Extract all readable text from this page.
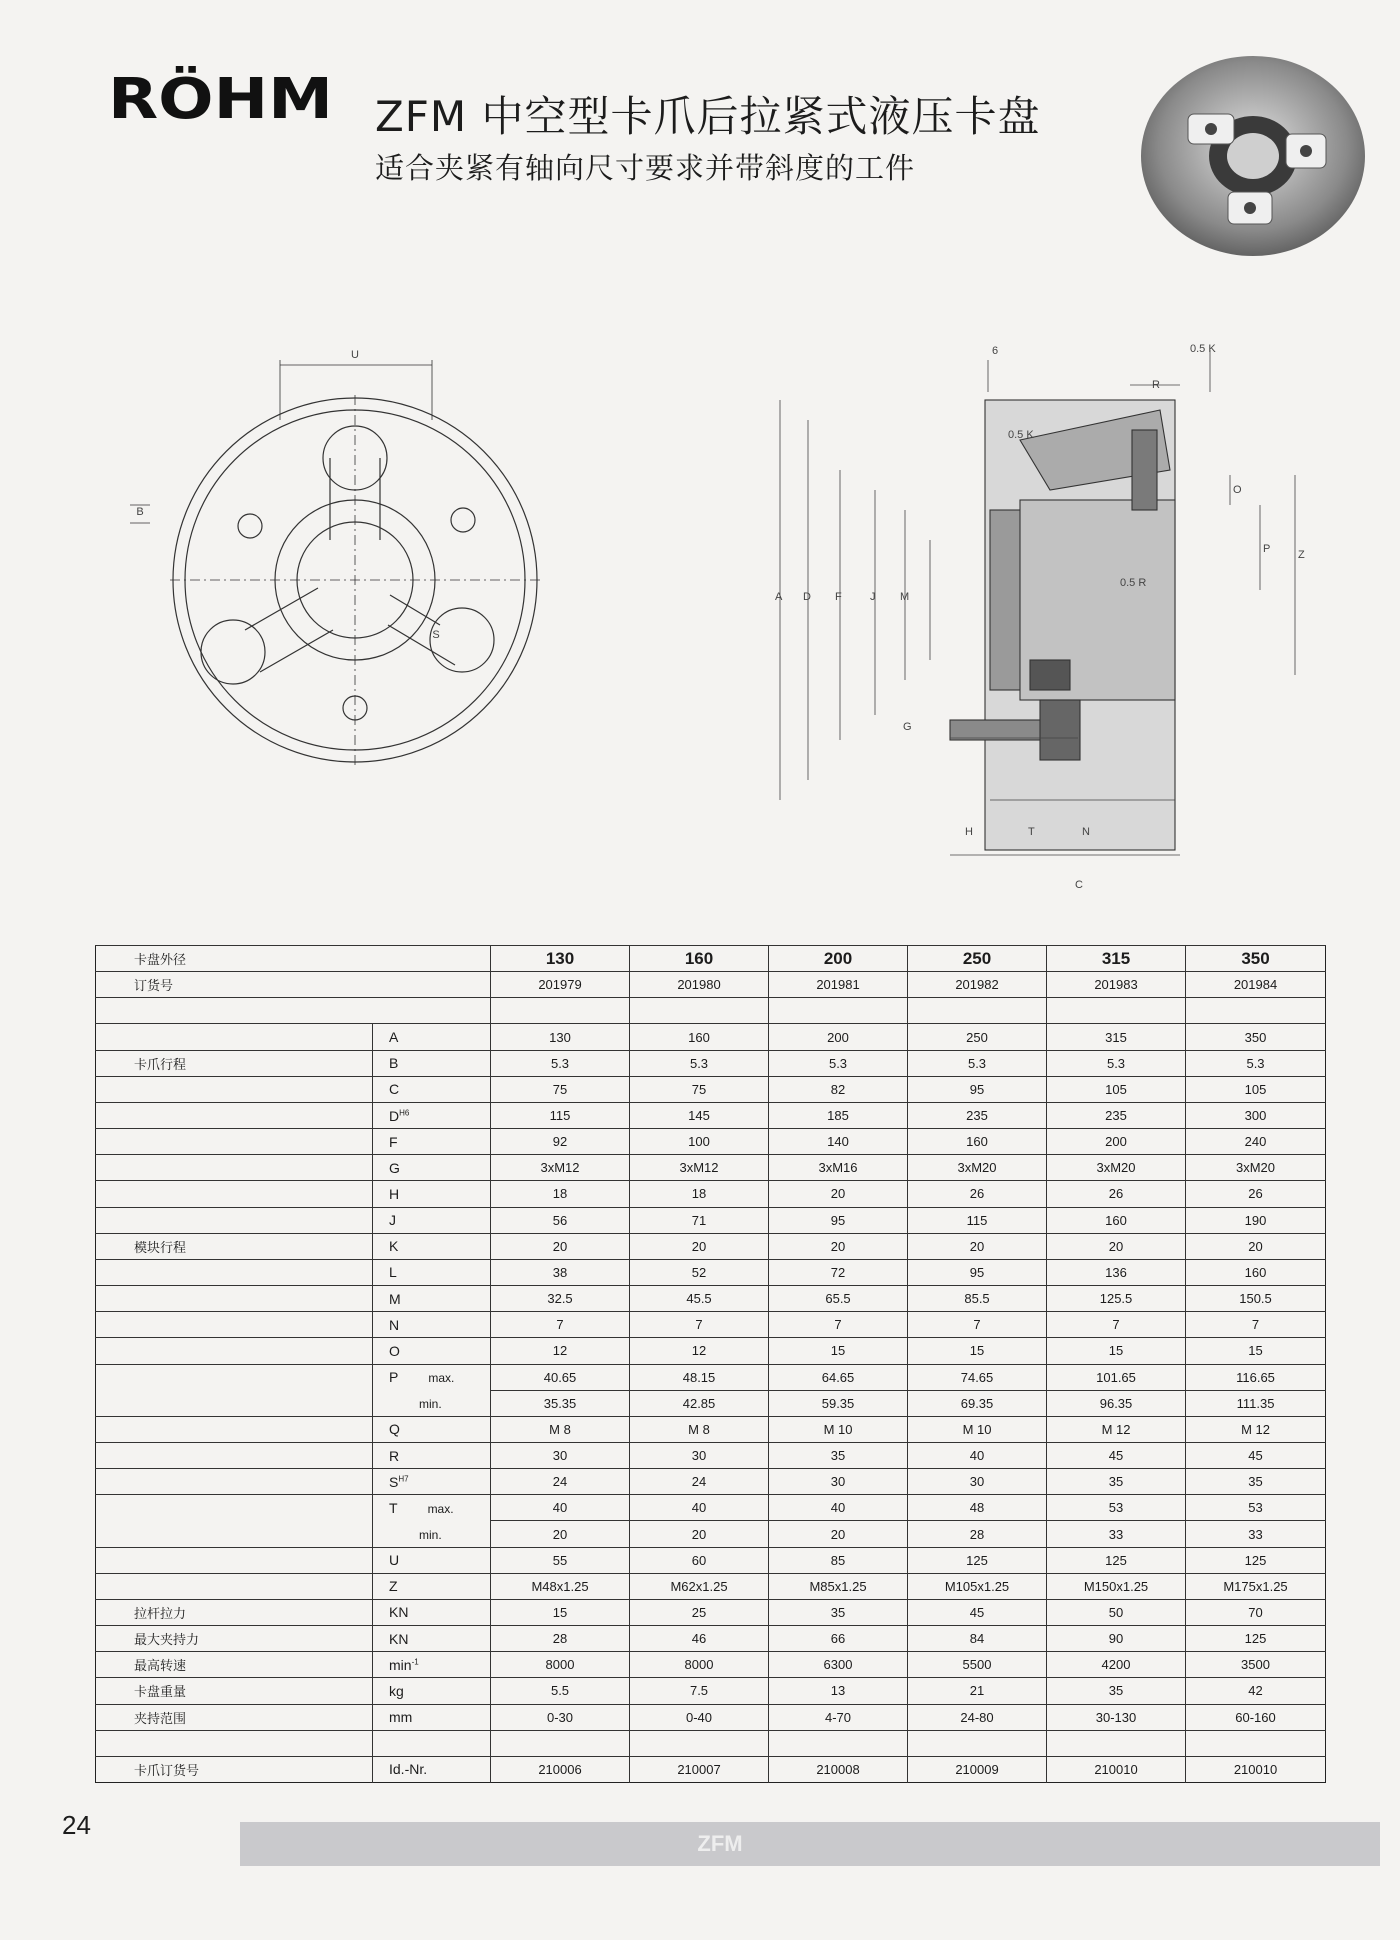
RÖHM ZFM 中空型卡爪后拉紧式液压卡盘
适合夹紧有轴向尺寸要求并带斜度的工件
U
B
S
6	0.5 K
R
0.5 K
O
P	Z
A D F	J M
0.5 R
G
H	T	N
C
卡盘外径		130	160	200	250	315	350
订货号		201979	201980	201981	201982	201983	201984

	A	130	160	200	250	315	350
卡爪行程	B	5.3	5.3	5.3	5.3	5.3	5.3
	C	75	75	82	95	105	105
	$D^{H6}$	115	145	185	235	235	300
	F	92	100	140	160	200	240
	G	3xM12	3xM12	3xM16	3xM20	3xM20	3xM20
	H	18	18	20	26	26	26
	J	56	71	95	115	160	190
模块行程	K	20	20	20	20	20	20
	L	38	52	72	95	136	160
	M	32.5	45.5	65.5	85.5	125.5	150.5
	N	7	7	7	7	7	7
	O	12	12	15	15	15	15
	P max.	40.65	48.15	64.65	74.65	101.65	116.65
	min.	35.35	42.85	59.35	69.35	96.35	111.35
	Q	M 8	M 8	M 10	M 10	M 12	M 12
	R	30	30	35	40	45	45
	$S^{H7}$	24	24	30	30	35	35
	T max.	40	40	40	48	53	53
	min.	20	20	20	28	33	33
	U	55	60	85	125	125	125
	Z	M48x1.25	M62x1.25	M85x1.25	M105x1.25	M150x1.25	M175x1.25
拉杆拉力	KN	15	25	35	45	50	70
最大夹持力	KN	28	46	66	84	90	125
最高转速	$\min^{-1}$	8000	8000	6300	5500	4200	3500
卡盘重量	kg	5.5	7.5	13	21	35	42
夹持范围	mm	0-30	0-40	4-70	24-80	30-130	60-160

卡爪订货号	Id.-Nr.	210006	210007	210008	210009	210010	210010
24
ZFM
